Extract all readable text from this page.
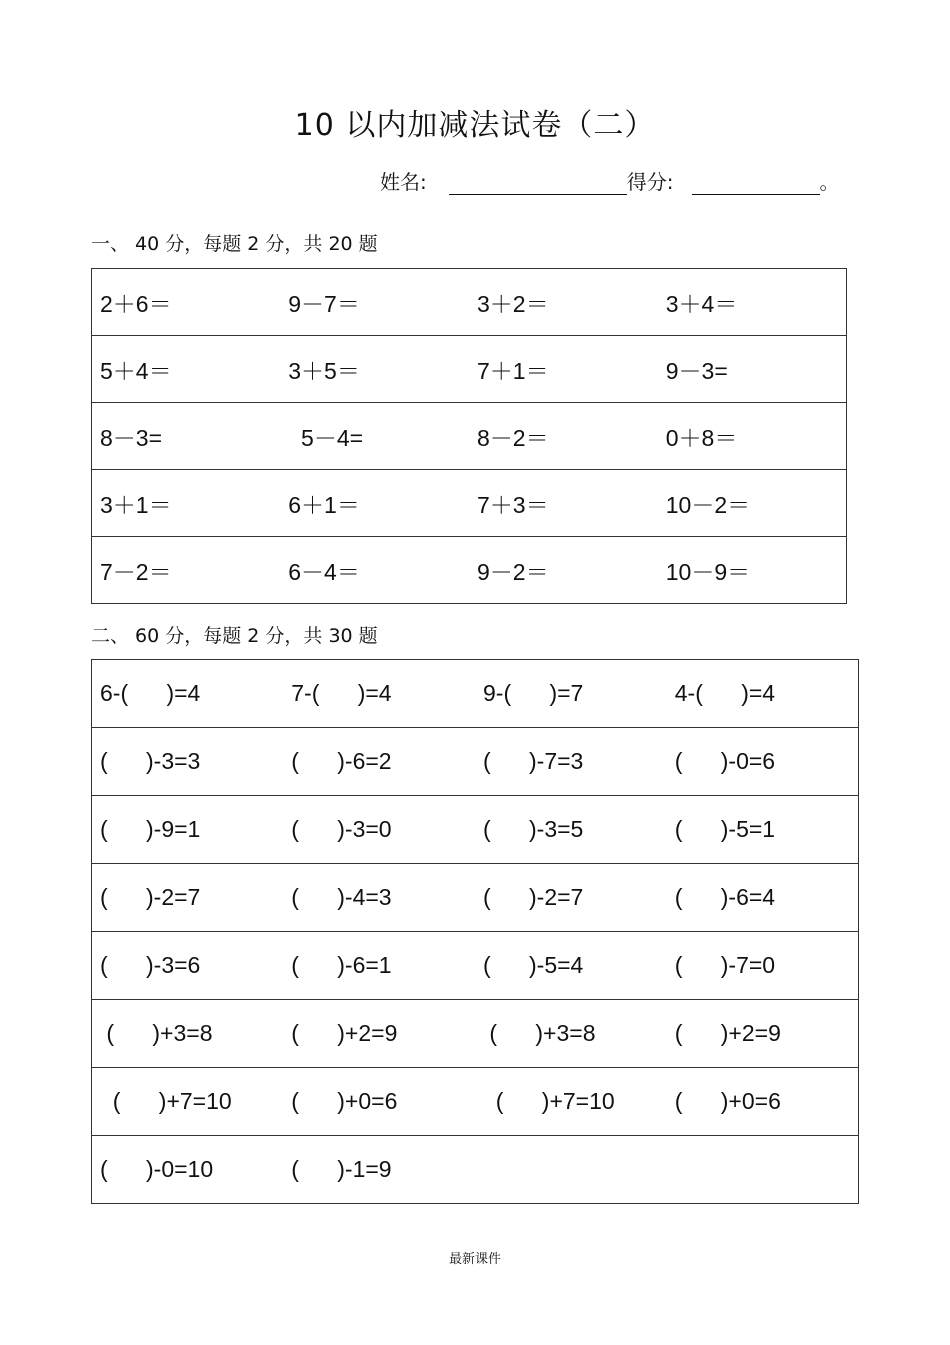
10 以内加减法试卷（二）
姓名:	得分:	。
一、 40 分，每题 2 分，共 20 题
2＋6＝	9－7＝	3＋2＝	3＋4＝
5＋4＝	3＋5＝	7＋1＝	9－3=
8－3=	5－4=	8－2＝	0＋8＝
3＋1＝	6＋1＝	7＋3＝	10－2＝
7－2＝	6－4＝	9－2＝	10－9＝
二、 60 分，每题 2 分，共 30 题
6-(      )=4	7-(      )=4	9-(      )=7	4-(      )=4
(      )-3=3	(      )-6=2	(      )-7=3	(      )-0=6
(      )-9=1	(      )-3=0	(      )-3=5	(      )-5=1
(      )-2=7	(      )-4=3	(      )-2=7	(      )-6=4
(      )-3=6	(      )-6=1	(      )-5=4	(      )-7=0
(      )+3=8	(      )+2=9	(      )+3=8	(      )+2=9
(      )+7=10	(      )+0=6	(      )+7=10	(      )+0=6
(      )-0=10	(      )-1=9		
最新课件
